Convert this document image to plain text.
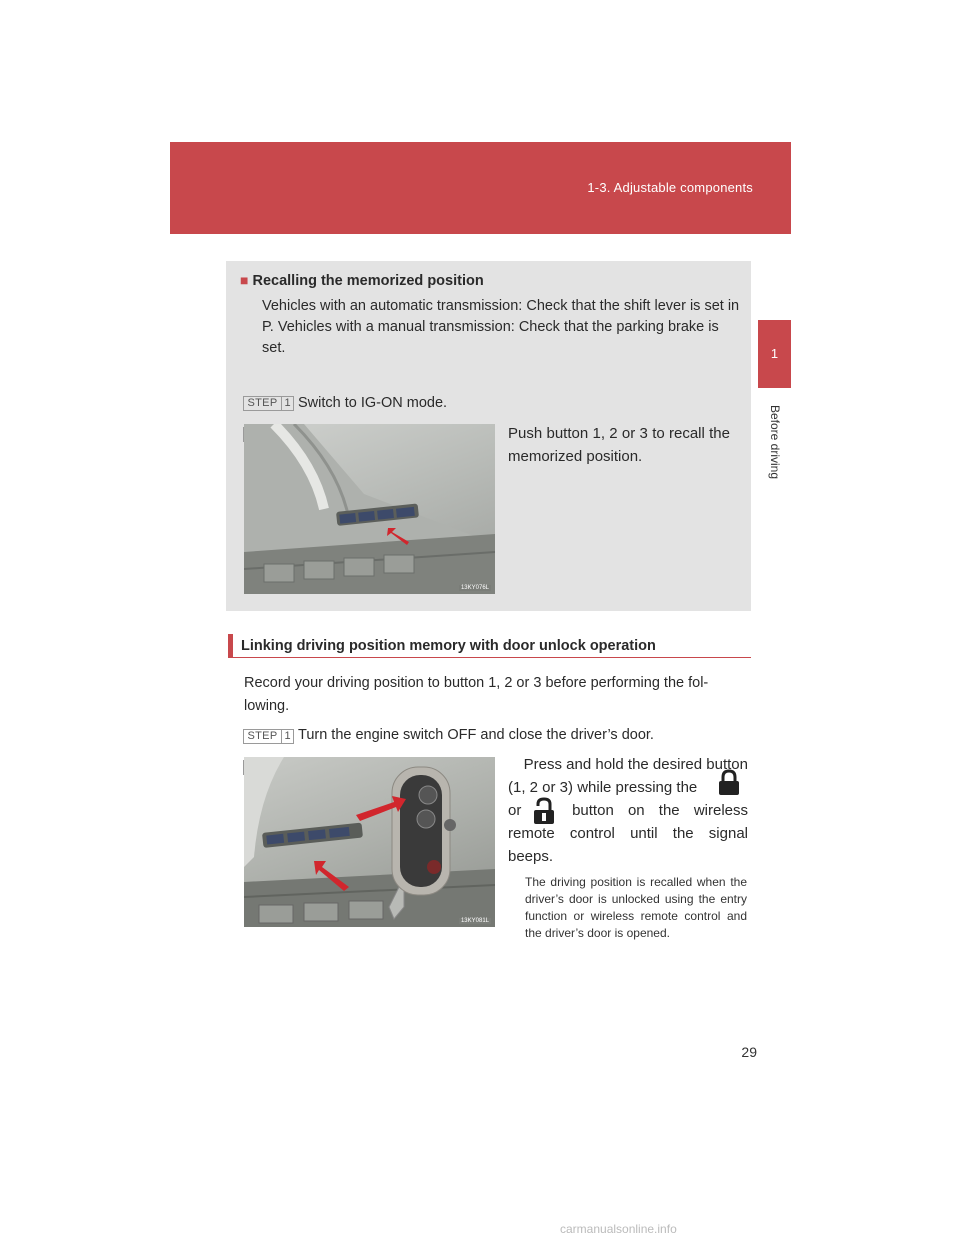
1-3. Adjustable components
1
Before driving
■ Recalling the memorized position
Vehicles with an automatic transmission: Check that the shift lever is set in P. Vehicles with a manual transmission: Check that the parking brake is set.
STEP 1 Switch to IG-ON mode.
Push button 1, 2 or 3 to recall the memorized position.
13KY076L
Linking driving position memory with door unlock operation
Record your driving position to button 1, 2 or 3 before performing the fol-lowing.
STEP 1 Turn the engine switch OFF and close the driver’s door.
Press and hold the desired button
(1, 2 or 3) while pressing the
or	button on the wireless
remote control until the signal
beeps.
13KY081L
The driving position is recalled when the driver’s door is unlocked using the entry function or wireless remote control and the driver’s door is opened.
29
carmanualsonline.info
